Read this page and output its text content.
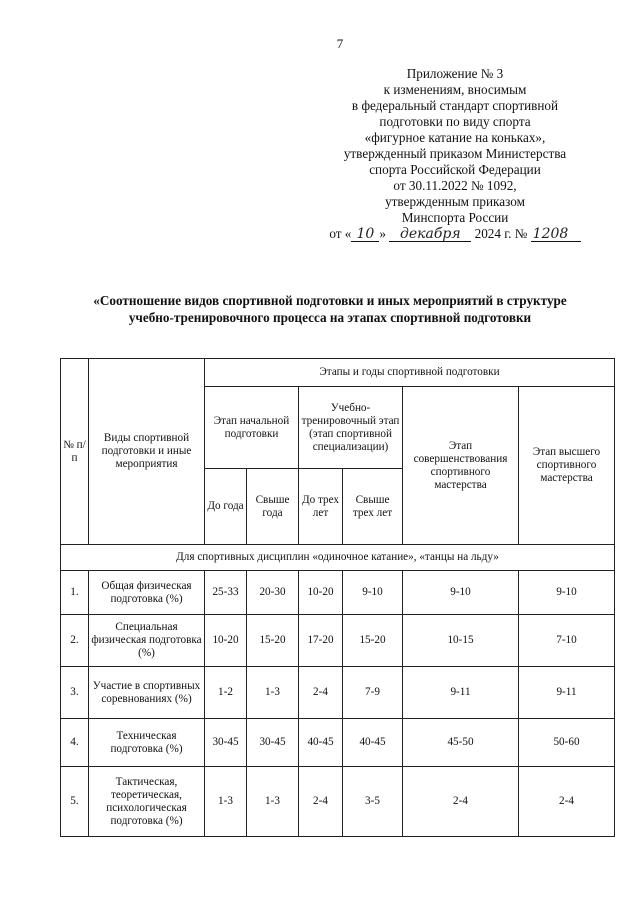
7
Приложение № 3
к изменениям, вносимым
в федеральный стандарт спортивной
подготовки по виду спорта
«фигурное катание на коньках»,
утвержденный приказом Министерства
спорта Российской Федерации
от 30.11.2022 № 1092,
утвержденным приказом
Минспорта России
от « 10 » декабря 2024 г. № 1208
«Соотношение видов спортивной подготовки и иных мероприятий в структуре
учебно-тренировочного процесса на этапах спортивной подготовки
№ п/п	Виды спортивной подготовки и иные мероприятия	Этапы и годы спортивной подготовки					
		Этап начальной подготовки		Учебно-тренировочный этап (этап спортивной специализации)		Этап совершенствования спортивного мастерства	Этап высшего спортивного мастерства
		До года	Свыше года	До трех лет	Свыше трех лет		
Для спортивных дисциплин «одиночное катание», «танцы на льду»							
1.	Общая физическая подготовка (%)	25-33	20-30	10-20	9-10	9-10	9-10
2.	Специальная физическая подготовка (%)	10-20	15-20	17-20	15-20	10-15	7-10
3.	Участие в спортивных соревнованиях (%)	1-2	1-3	2-4	7-9	9-11	9-11
4.	Техническая подготовка (%)	30-45	30-45	40-45	40-45	45-50	50-60
5.	Тактическая, теоретическая, психологическая подготовка (%)	1-3	1-3	2-4	3-5	2-4	2-4
